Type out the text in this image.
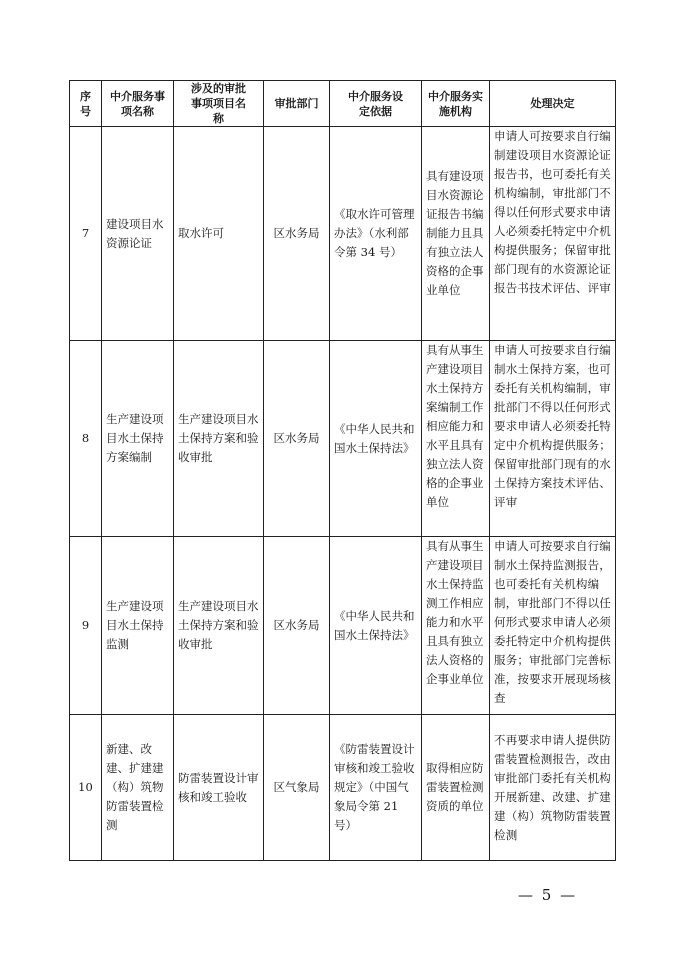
序号	中介服务事项名称	涉及的审批事项项目名称	审批部门	中介服务设定依据	中介服务实施机构	处理决定
7	建设项目水资源论证	取水许可	区水务局	《取水许可管理办法》（水利部令第 34 号）	具有建设项目水资源论证报告书编制能力且具有独立法人资格的企事业单位	申请人可按要求自行编制建设项目水资源论证报告书，也可委托有关机构编制，审批部门不得以任何形式要求申请人必须委托特定中介机构提供服务；保留审批部门现有的水资源论证报告书技术评估、评审
8	生产建设项目水土保持方案编制	生产建设项目水土保持方案和验收审批	区水务局	《中华人民共和国水土保持法》	具有从事生产建设项目水土保持方案编制工作相应能力和水平且具有独立法人资格的企事业单位	申请人可按要求自行编制水土保持方案，也可委托有关机构编制，审批部门不得以任何形式要求申请人必须委托特定中介机构提供服务；保留审批部门现有的水土保持方案技术评估、评审
9	生产建设项目水土保持监测	生产建设项目水土保持方案和验收审批	区水务局	《中华人民共和国水土保持法》	具有从事生产建设项目水土保持监测工作相应能力和水平且具有独立法人资格的企事业单位	申请人可按要求自行编制水土保持监测报告，也可委托有关机构编制，审批部门不得以任何形式要求申请人必须委托特定中介机构提供服务；审批部门完善标准，按要求开展现场核查
10	新建、改建、扩建建（构）筑物防雷装置检测	防雷装置设计审核和竣工验收	区气象局	《防雷装置设计审核和竣工验收规定》（中国气象局令第 21 号）	取得相应防雷装置检测资质的单位	不再要求申请人提供防雷装置检测报告，改由审批部门委托有关机构开展新建、改建、扩建建（构）筑物防雷装置检测
— 5 —
